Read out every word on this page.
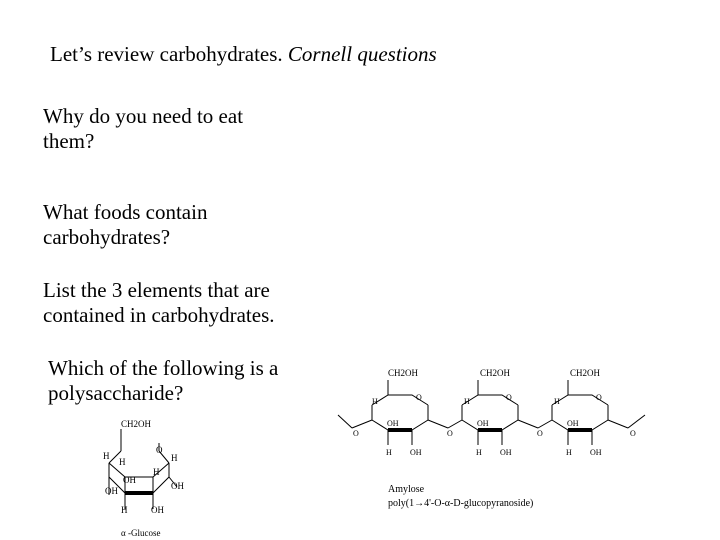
Let’s review carbohydrates. Cornell questions
Why do you need to eat
them?
What foods contain
carbohydrates?
List the 3 elements that are
contained in carbohydrates.
Which of the following is a
polysaccharide?
CH2OH
O
H
H	H
H
OH
OH	OH
H	OH
α -Glucose
CH2OH	CH2OH	CH2OH
O	O	O
O	O	O	O
OH	OH	OH
H	H	H
H OH	H OH	H OH
Amylose
poly(1→4'-O-α-D-glucopyranoside)
